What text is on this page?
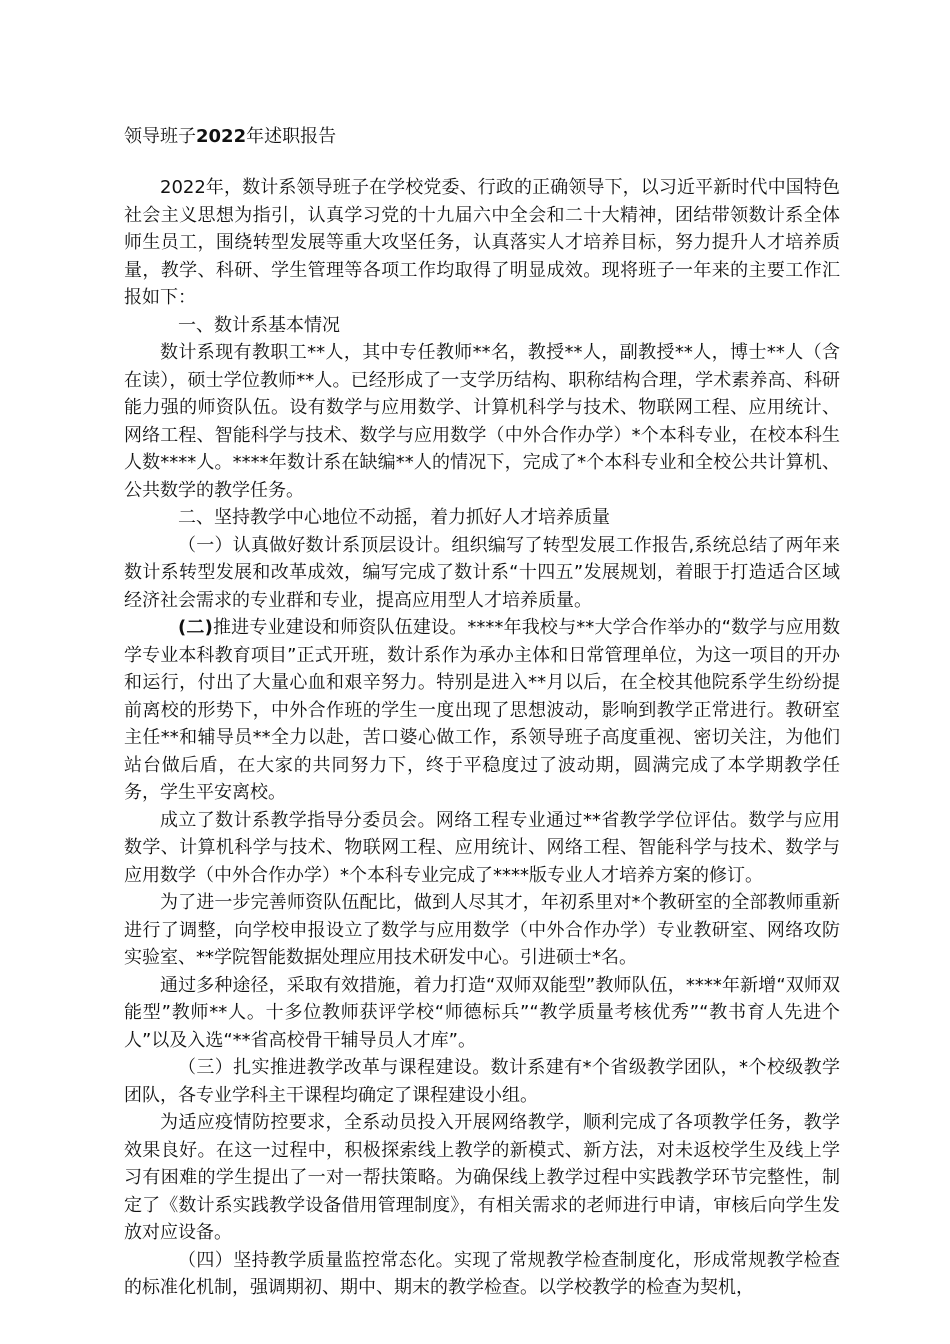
领导班子2022年述职报告

2022年，数计系领导班子在学校党委、行政的正确领导下，以习近平新时代中国特色社会主义思想为指引，认真学习党的十九届六中全会和二十大精神，团结带领数计系全体师生员工，围绕转型发展等重大攻坚任务，认真落实人才培养目标，努力提升人才培养质量，教学、科研、学生管理等各项工作均取得了明显成效。现将班子一年来的主要工作汇报如下：

一、数计系基本情况

数计系现有教职工**人，其中专任教师**名，教授**人，副教授**人，博士**人（含在读），硕士学位教师**人。已经形成了一支学历结构、职称结构合理，学术素养高、科研能力强的师资队伍。设有数学与应用数学、计算机科学与技术、物联网工程、应用统计、网络工程、智能科学与技术、数学与应用数学（中外合作办学）*个本科专业，在校本科生人数****人。****年数计系在缺编**人的情况下，完成了*个本科专业和全校公共计算机、公共数学的教学任务。

二、坚持教学中心地位不动摇，着力抓好人才培养质量

（一）认真做好数计系顶层设计。组织编写了转型发展工作报告,系统总结了两年来数计系转型发展和改革成效，编写完成了数计系“十四五”发展规划，着眼于打造适合区域经济社会需求的专业群和专业，提高应用型人才培养质量。

(二)推进专业建设和师资队伍建设。****年我校与**大学合作举办的“数学与应用数学专业本科教育项目”正式开班，数计系作为承办主体和日常管理单位，为这一项目的开办和运行，付出了大量心血和艰辛努力。特别是进入**月以后，在全校其他院系学生纷纷提前离校的形势下，中外合作班的学生一度出现了思想波动，影响到教学正常进行。教研室主任**和辅导员**全力以赴，苦口婆心做工作，系领导班子高度重视、密切关注，为他们站台做后盾，在大家的共同努力下，终于平稳度过了波动期，圆满完成了本学期教学任务，学生平安离校。

成立了数计系教学指导分委员会。网络工程专业通过**省教学学位评估。数学与应用数学、计算机科学与技术、物联网工程、应用统计、网络工程、智能科学与技术、数学与应用数学（中外合作办学）*个本科专业完成了****版专业人才培养方案的修订。

为了进一步完善师资队伍配比，做到人尽其才，年初系里对*个教研室的全部教师重新进行了调整，向学校申报设立了数学与应用数学（中外合作办学）专业教研室、网络攻防实验室、**学院智能数据处理应用技术研发中心。引进硕士*名。

通过多种途径，采取有效措施，着力打造“双师双能型”教师队伍，****年新增“双师双能型”教师**人。十多位教师获评学校“师德标兵”“教学质量考核优秀”“教书育人先进个人”以及入选“**省高校骨干辅导员人才库”。

（三）扎实推进教学改革与课程建设。数计系建有*个省级教学团队，*个校级教学团队，各专业学科主干课程均确定了课程建设小组。

为适应疫情防控要求，全系动员投入开展网络教学，顺利完成了各项教学任务，教学效果良好。在这一过程中，积极探索线上教学的新模式、新方法，对未返校学生及线上学习有困难的学生提出了一对一帮扶策略。为确保线上教学过程中实践教学环节完整性，制定了《数计系实践教学设备借用管理制度》，有相关需求的老师进行申请，审核后向学生发放对应设备。

（四）坚持教学质量监控常态化。实现了常规教学检查制度化，形成常规教学检查的标准化机制，强调期初、期中、期末的教学检查。以学校教学的检查为契机，
